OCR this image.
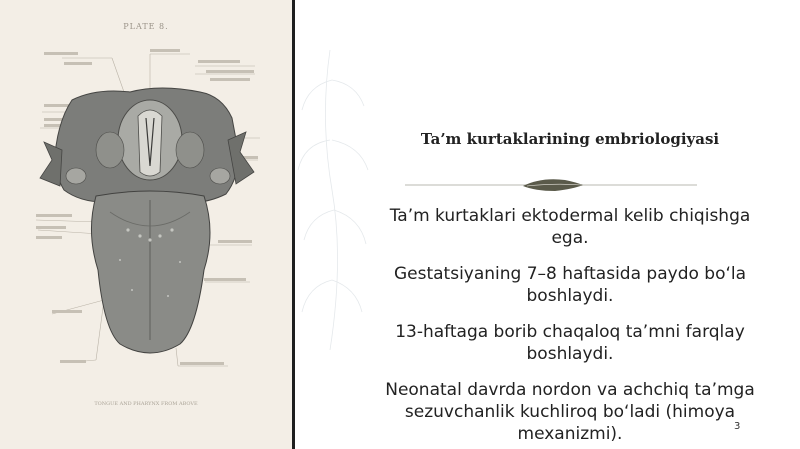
PLATE 8.
TONGUE AND PHARYNX FROM ABOVE
Ta’m kurtaklarining embriologiyasi

Ta’m kurtaklari ektodermal kelib chiqishga ega.

Gestatsiyaning 7–8 haftasida paydo bo‘la boshlaydi.

13-haftaga borib chaqaloq ta’mni farqlay boshlaydi.

Neonatal davrda nordon va achchiq ta’mga sezuvchanlik kuchliroq bo‘ladi (himoya mexanizmi).	3
